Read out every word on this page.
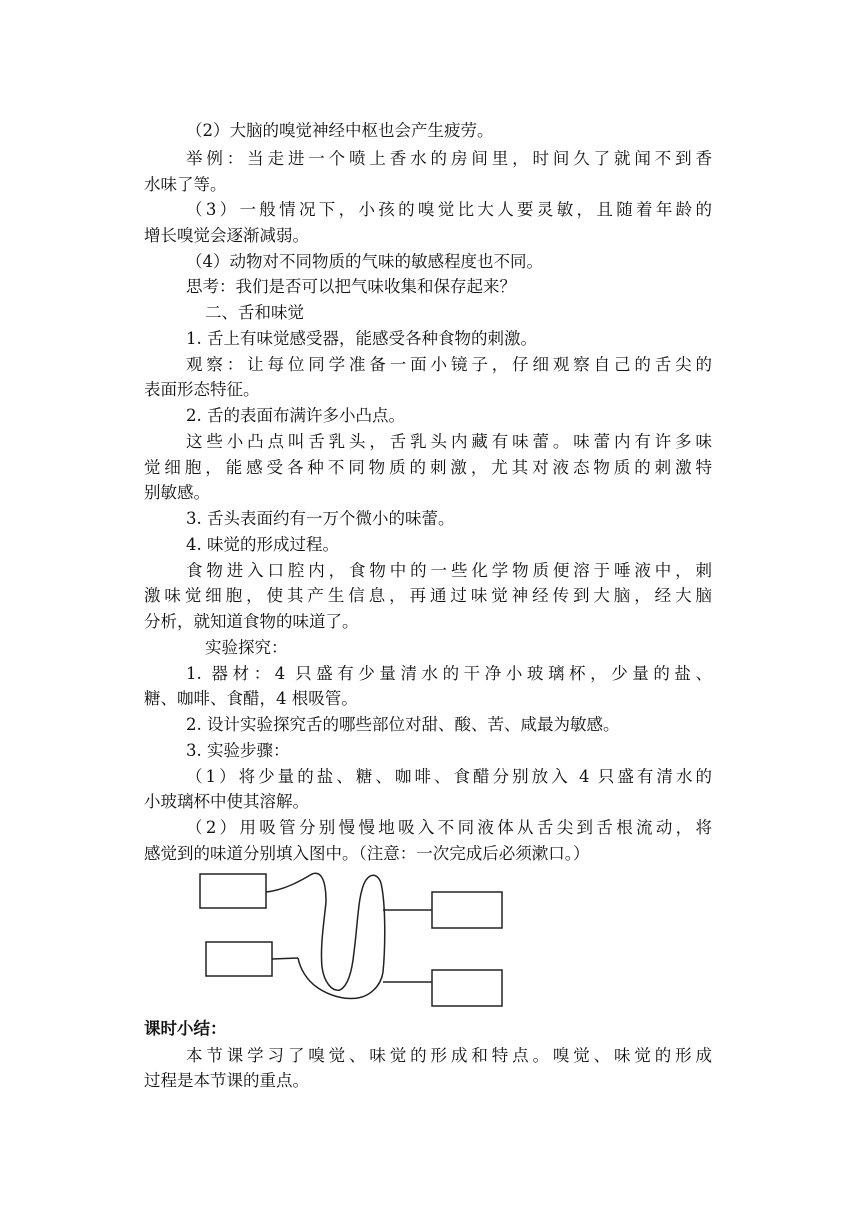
（2）大脑的嗅觉神经中枢也会产生疲劳。
举例：当走进一个喷上香水的房间里，时间久了就闻不到香
水味了等。
（3）一般情况下，小孩的嗅觉比大人要灵敏，且随着年龄的
增长嗅觉会逐渐减弱。
（4）动物对不同物质的气味的敏感程度也不同。
思考：我们是否可以把气味收集和保存起来？
二、舌和味觉
1. 舌上有味觉感受器，能感受各种食物的刺激。
观察：让每位同学准备一面小镜子，仔细观察自己的舌尖的
表面形态特征。
2. 舌的表面布满许多小凸点。
这些小凸点叫舌乳头，舌乳头内藏有味蕾。味蕾内有许多味
觉细胞，能感受各种不同物质的刺激，尤其对液态物质的刺激特
别敏感。
3. 舌头表面约有一万个微小的味蕾。
4. 味觉的形成过程。
食物进入口腔内，食物中的一些化学物质便溶于唾液中，刺
激味觉细胞，使其产生信息，再通过味觉神经传到大脑，经大脑
分析，就知道食物的味道了。
实验探究：
1. 器材：4 只盛有少量清水的干净小玻璃杯，少量的盐、
糖、咖啡、食醋，4 根吸管。
2. 设计实验探究舌的哪些部位对甜、酸、苦、咸最为敏感。
3. 实验步骤：
（1）将少量的盐、糖、咖啡、食醋分别放入 4 只盛有清水的
小玻璃杯中使其溶解。
（2）用吸管分别慢慢地吸入不同液体从舌尖到舌根流动，将
感觉到的味道分别填入图中。（注意：一次完成后必须漱口。）
课时小结：
本节课学习了嗅觉、味觉的形成和特点。嗅觉、味觉的形成
过程是本节课的重点。
